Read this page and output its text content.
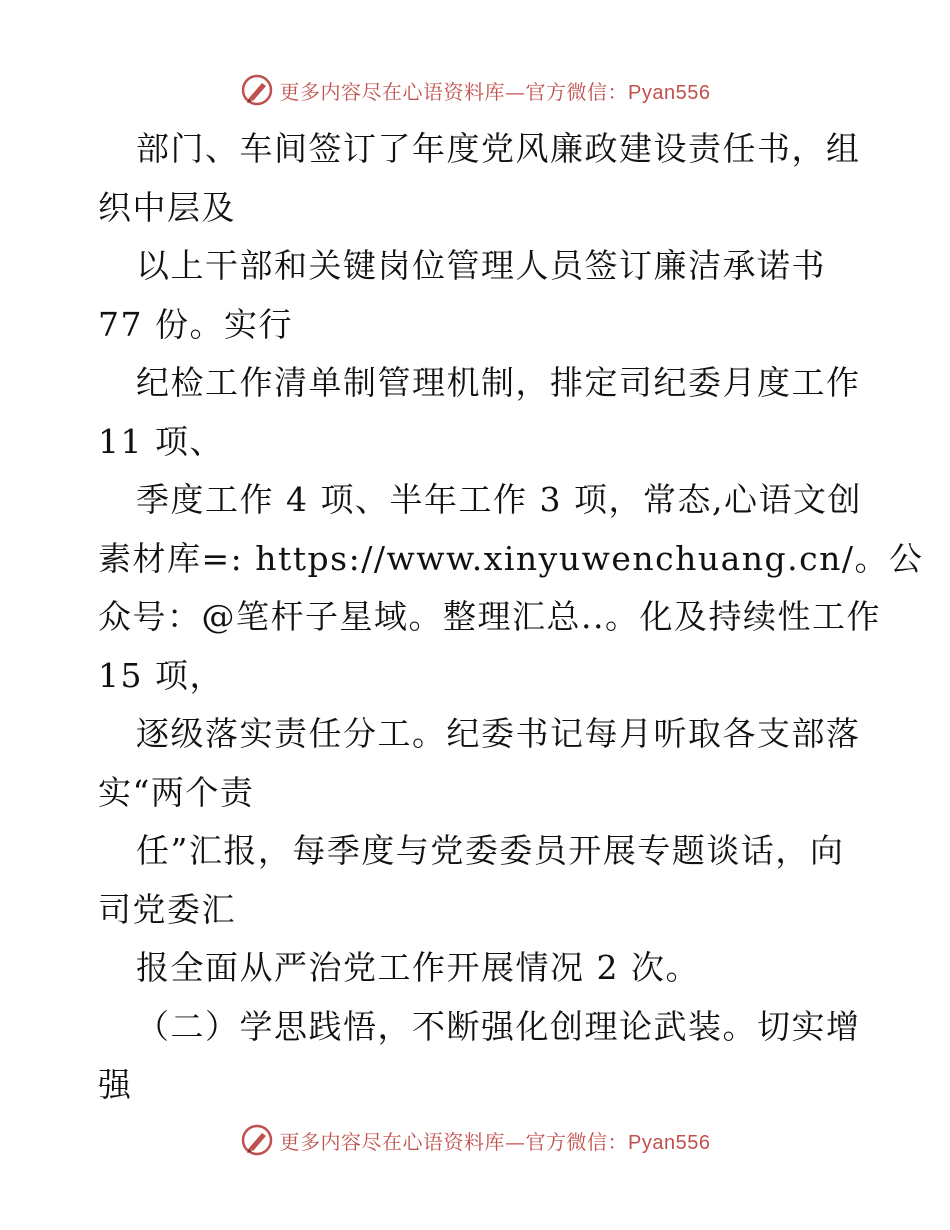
更多内容尽在心语资料库—官方微信：Pyan556
部门、车间签订了年度党风廉政建设责任书，组
织中层及
以上干部和关键岗位管理人员签订廉洁承诺书
77 份。实行
纪检工作清单制管理机制，排定司纪委月度工作
11 项、
季度工作 4 项、半年工作 3 项，常态,心语文创
素材库=: https://www.xinyuwenchuang.cn/。公
众号：@笔杆子星域。整理汇总..。化及持续性工作
15 项，
逐级落实责任分工。纪委书记每月听取各支部落
实“两个责
任”汇报，每季度与党委委员开展专题谈话，向
司党委汇
报全面从严治党工作开展情况 2 次。
（二）学思践悟，不断强化创理论武装。切实增
强
更多内容尽在心语资料库—官方微信：Pyan556
